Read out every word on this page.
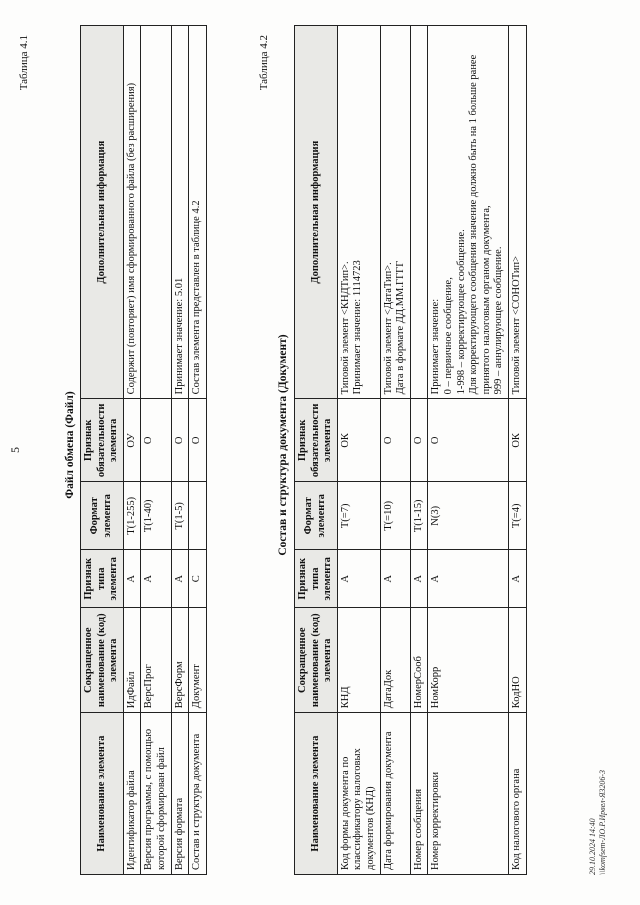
5
Таблица 4.1
Файл обмена (Файл)
Наименование элемента	Сокращенное наименование (код) элемента	Признак типа элемента	Формат элемента	Признак обязательности элемента	Дополнительная информация
Идентификатор файла	ИдФайл	А	T(1-255)	ОУ	Содержит (повторяет) имя сформированного файла (без расширения)
Версия программы, с помощью которой сформирован файл	ВерсПрог	А	T(1-40)	О	
Версия формата	ВерсФорм	А	T(1-5)	О	Принимает значение: 5.01
Состав и структура документа	Документ	С		О	Состав элемента представлен в таблице 4.2
Таблица 4.2
Состав и структура документа (Документ)
Наименование элемента	Сокращенное наименование (код) элемента	Признак типа элемента	Формат элемента	Признак обязательности элемента	Дополнительная информация
Код формы документа по классификатору налоговых документов (КНД)	КНД	А	T(=7)	ОК	Типовой элемент <КНДТип>.
Принимает значение: 1114723
Дата формирования документа	ДатаДок	А	T(=10)	О	Типовой элемент <ДатаТип>.
Дата в формате ДД.ММ.ГГГГ
Номер сообщения	НомерСооб	А	T(1-15)	О	
Номер корректировки	НомКорр	А	N(3)	О	Принимает значение:
0 – первичное сообщение,
1-998 – корректирующее сообщение.
Для корректирующего сообщения значение должно быть на 1 больше ранее принятого налоговым органом документа,
999 – аннулирующее сообщение.
Код налогового органа	КодНО	А	T(=4)	ОК	Типовой элемент <СОНОТип>
29.10.2024 14:40 \\komfsem-ЛО.Р.Ирвел-ЯЗ206-3
